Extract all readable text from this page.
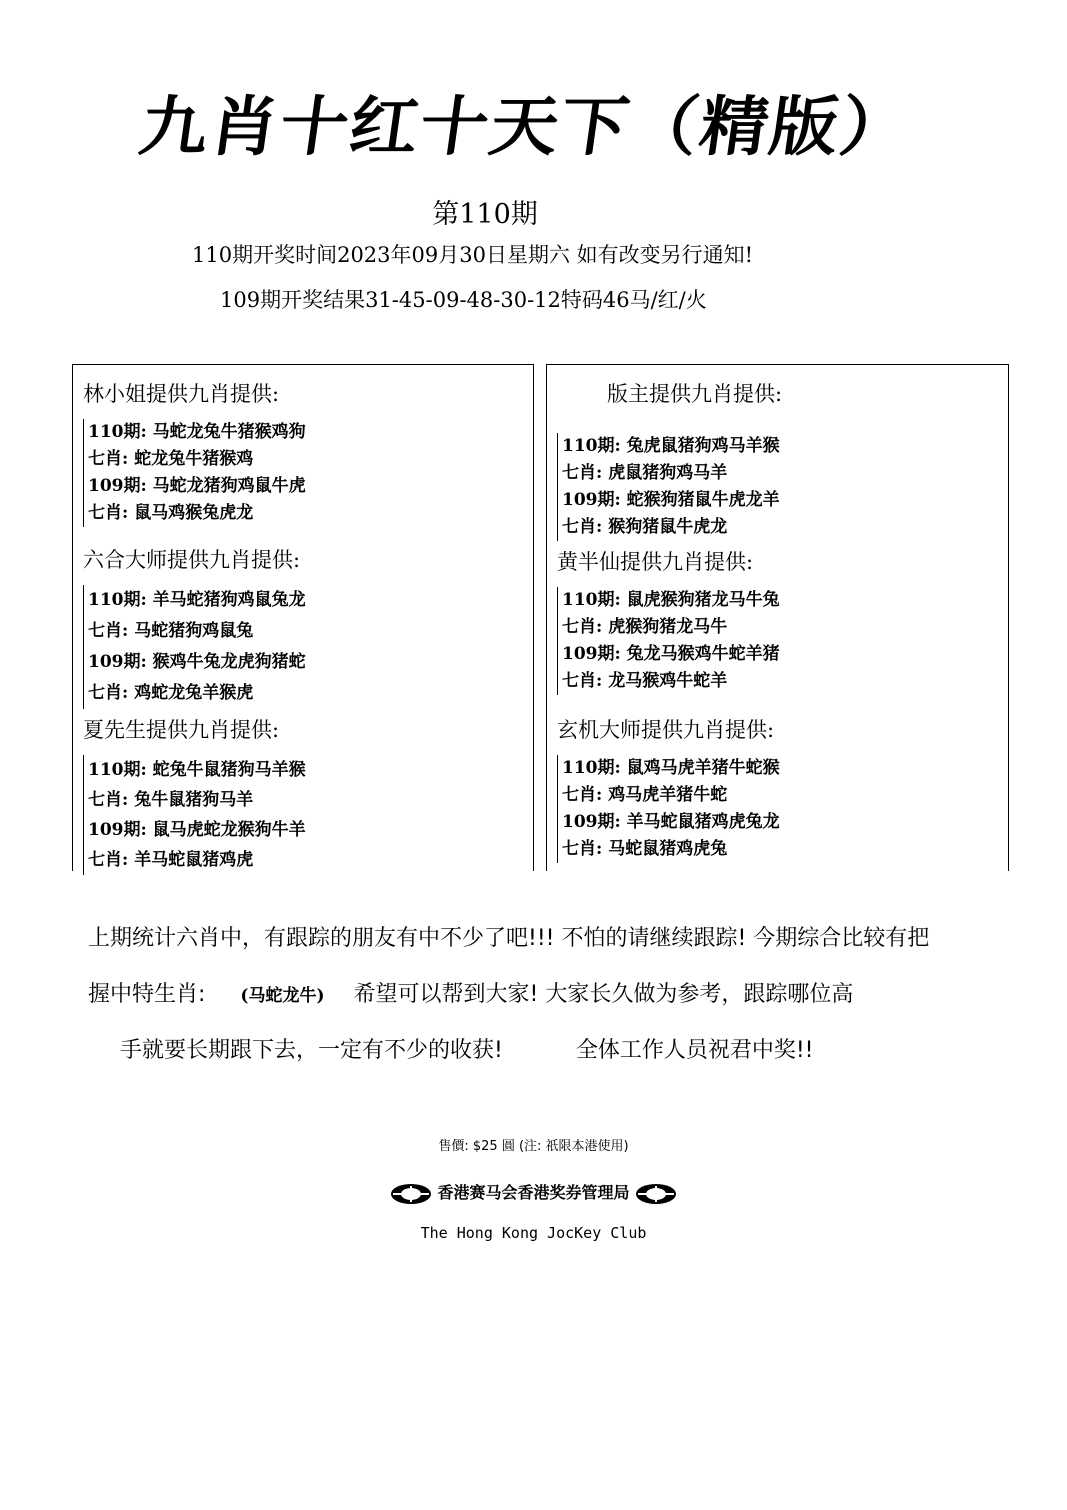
九肖十红十天下（精版）
第110期
110期开奖时间2023年09月30日星期六 如有改变另行通知!
109期开奖结果31-45-09-48-30-12特码46马/红/火
林小姐提供九肖提供:
110期: 马蛇龙兔牛猪猴鸡狗
七肖: 蛇龙兔牛猪猴鸡
109期: 马蛇龙猪狗鸡鼠牛虎
七肖: 鼠马鸡猴兔虎龙
六合大师提供九肖提供:
110期: 羊马蛇猪狗鸡鼠兔龙
七肖: 马蛇猪狗鸡鼠兔
109期: 猴鸡牛兔龙虎狗猪蛇
七肖: 鸡蛇龙兔羊猴虎
夏先生提供九肖提供:
110期: 蛇兔牛鼠猪狗马羊猴
七肖: 兔牛鼠猪狗马羊
109期: 鼠马虎蛇龙猴狗牛羊
七肖: 羊马蛇鼠猪鸡虎
版主提供九肖提供:
110期: 兔虎鼠猪狗鸡马羊猴
七肖: 虎鼠猪狗鸡马羊
109期: 蛇猴狗猪鼠牛虎龙羊
七肖: 猴狗猪鼠牛虎龙
黄半仙提供九肖提供:
110期: 鼠虎猴狗猪龙马牛兔
七肖: 虎猴狗猪龙马牛
109期: 兔龙马猴鸡牛蛇羊猪
七肖: 龙马猴鸡牛蛇羊
玄机大师提供九肖提供:
110期: 鼠鸡马虎羊猪牛蛇猴
七肖: 鸡马虎羊猪牛蛇
109期: 羊马蛇鼠猪鸡虎兔龙
七肖: 马蛇鼠猪鸡虎兔
上期统计六肖中，有跟踪的朋友有中不少了吧!!! 不怕的请继续跟踪! 今期综合比较有把
握中特生肖: (马蛇龙牛) 希望可以帮到大家! 大家长久做为参考，跟踪哪位高
手就要长期跟下去，一定有不少的收获!	全体工作人员祝君中奖!!
售價: $25 圓 (注: 祇限本港使用)
香港赛马会香港奖券管理局
The Hong Kong JocKey Club
